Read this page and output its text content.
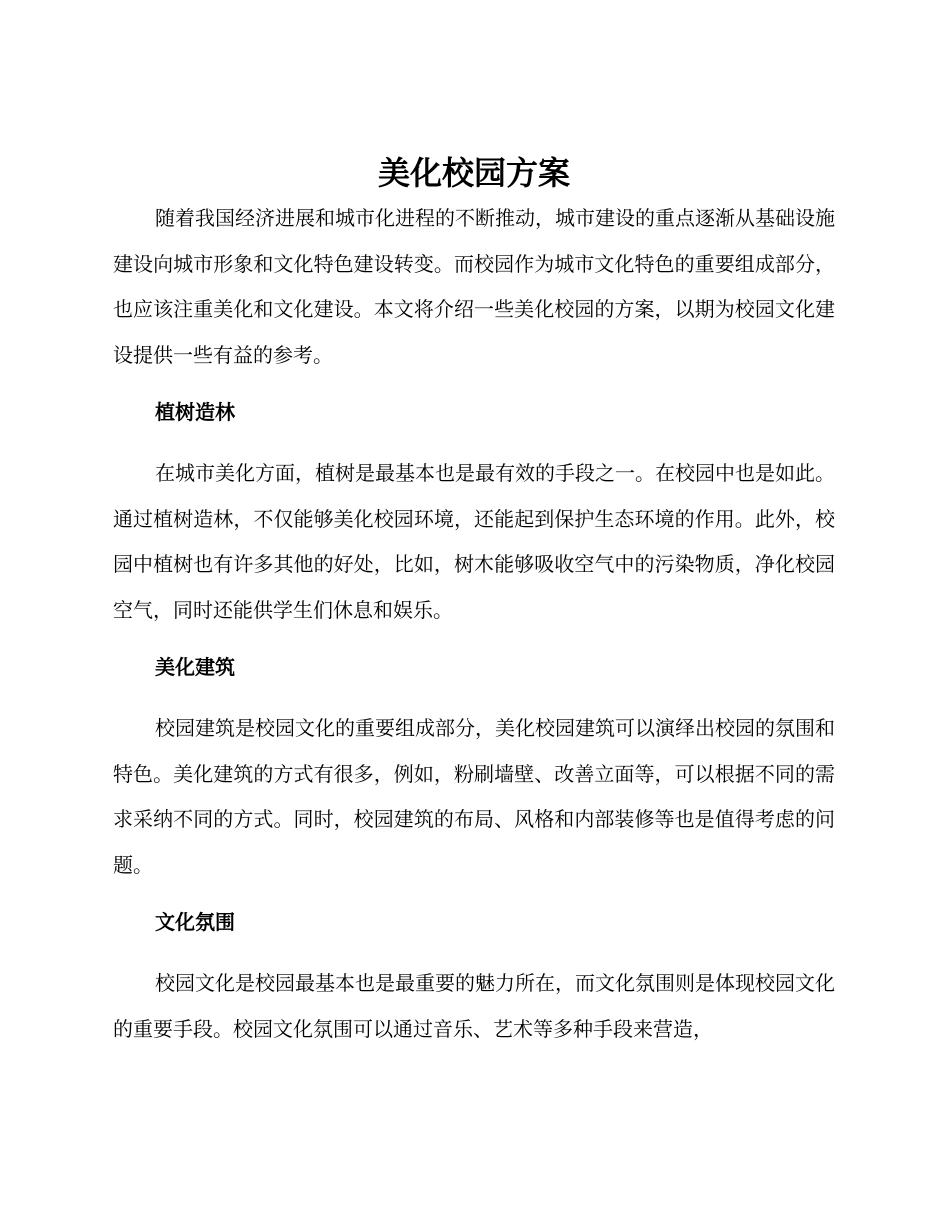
美化校园方案

随着我国经济进展和城市化进程的不断推动，城市建设的重点逐渐从基础设施建设向城市形象和文化特色建设转变。而校园作为城市文化特色的重要组成部分，也应该注重美化和文化建设。本文将介绍一些美化校园的方案，以期为校园文化建设提供一些有益的参考。

植树造林

在城市美化方面，植树是最基本也是最有效的手段之一。在校园中也是如此。通过植树造林，不仅能够美化校园环境，还能起到保护生态环境的作用。此外，校园中植树也有许多其他的好处，比如，树木能够吸收空气中的污染物质，净化校园空气，同时还能供学生们休息和娱乐。

美化建筑

校园建筑是校园文化的重要组成部分，美化校园建筑可以演绎出校园的氛围和特色。美化建筑的方式有很多，例如，粉刷墙壁、改善立面等，可以根据不同的需求采纳不同的方式。同时，校园建筑的布局、风格和内部装修等也是值得考虑的问题。

文化氛围

校园文化是校园最基本也是最重要的魅力所在，而文化氛围则是体现校园文化的重要手段。校园文化氛围可以通过音乐、艺术等多种手段来营造，
